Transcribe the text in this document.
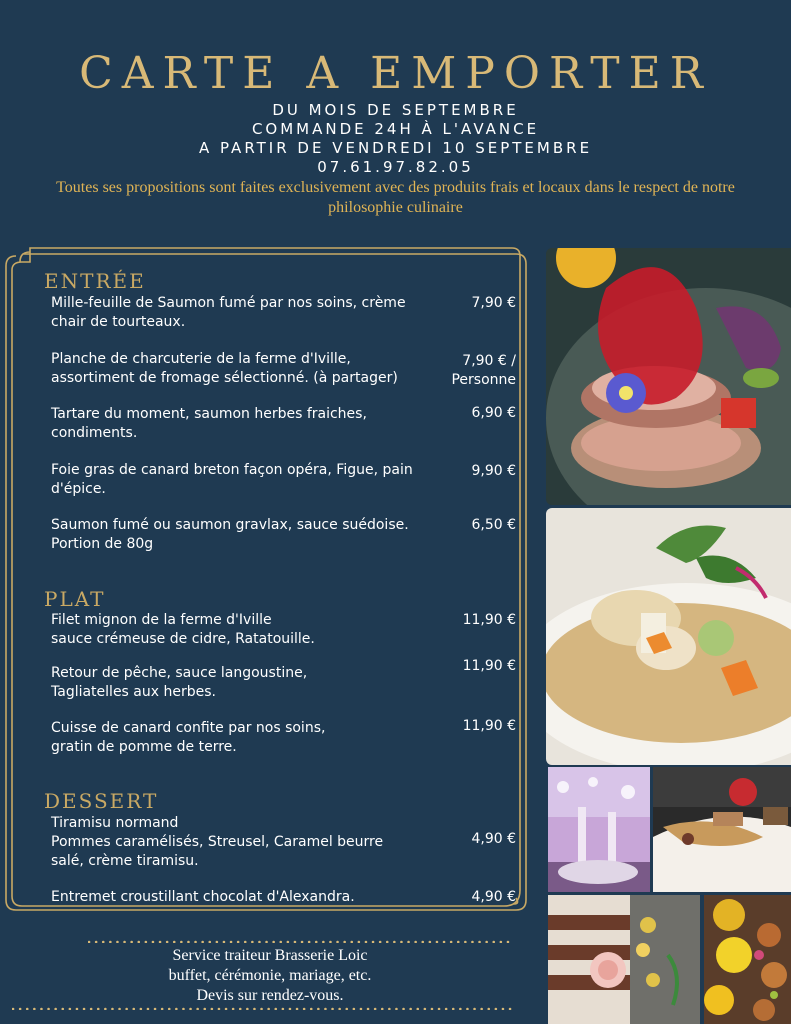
CARTE A EMPORTER
DU MOIS DE SEPTEMBRE
COMMANDE 24H À L'AVANCE
A PARTIR DE VENDREDI 10 SEPTEMBRE
07.61.97.82.05
Toutes ses propositions sont faites exclusivement avec des produits frais et locaux dans le respect de notre philosophie culinaire
ENTRÉE
Mille-feuille de Saumon fumé par nos soins, crème
chair de tourteaux.
7,90 €
Planche de charcuterie de la ferme d'Iville,
assortiment de fromage sélectionné. (à partager)
7,90 € /
Personne
Tartare du moment, saumon herbes fraiches,
condiments.
6,90 €
Foie gras de canard breton façon opéra, Figue, pain
d'épice.
9,90 €
Saumon fumé ou saumon gravlax, sauce suédoise.
Portion de 80g
6,50 €
PLAT
Filet mignon de la ferme d'Iville
sauce crémeuse de cidre, Ratatouille.
11,90 €
Retour de pêche, sauce langoustine,
Tagliatelles aux herbes.
11,90 €
Cuisse de canard confite par nos soins,
gratin de pomme de terre.
11,90 €
DESSERT
Tiramisu normand
Pommes caramélisés, Streusel, Caramel beurre
salé, crème tiramisu.
4,90 €
Entremet croustillant chocolat d'Alexandra.	4,90 €
Service traiteur Brasserie Loic
buffet, cérémonie, mariage, etc.
Devis sur rendez-vous.
